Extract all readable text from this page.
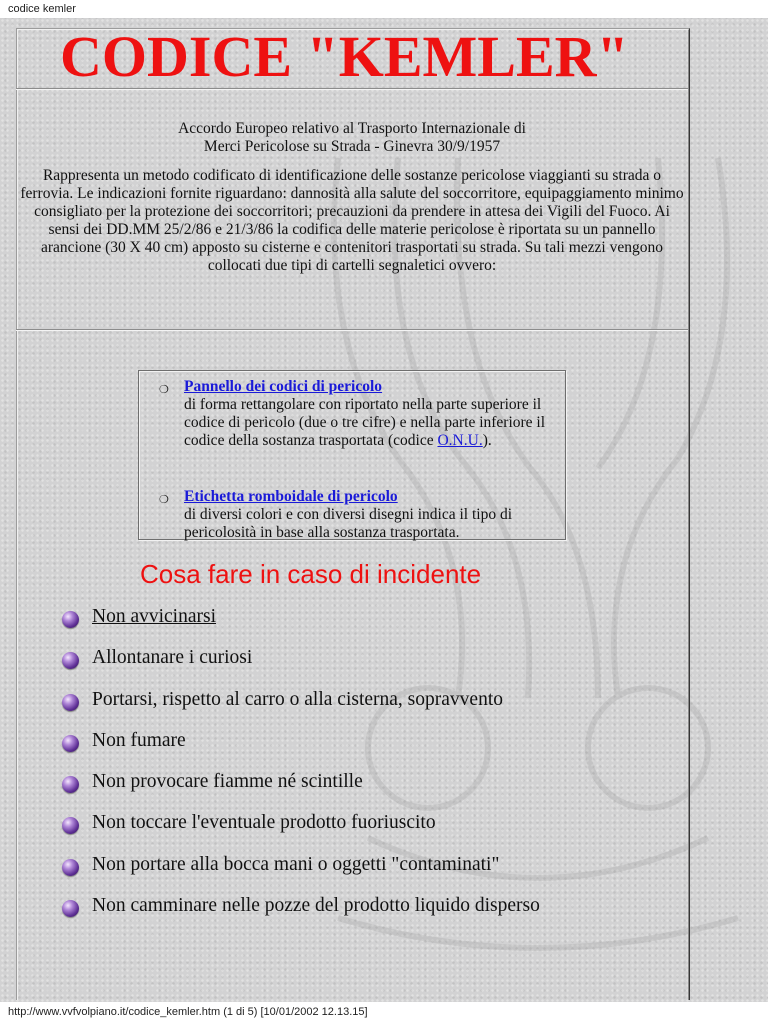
codice kemler
CODICE "KEMLER"

Accordo Europeo relativo al Trasporto Internazionale di
Merci Pericolose su Strada - Ginevra 30/9/1957

Rappresenta un metodo codificato di identificazione delle sostanze pericolose viaggianti su strada o ferrovia. Le indicazioni fornite riguardano: dannosità alla salute del soccorritore, equipaggiamento minimo consigliato per la protezione dei soccorritori; precauzioni da prendere in attesa dei Vigili del Fuoco. Ai sensi dei DD.MM 25/2/86 e 21/3/86 la codifica delle materie pericolose è riportata su un pannello arancione (30 X 40 cm) apposto su cisterne e contenitori trasportati su strada. Su tali mezzi vengono collocati due tipi di cartelli segnaletici ovvero:

❍ Pannello dei codici di pericolo
di forma rettangolare con riportato nella parte superiore il codice di pericolo (due o tre cifre) e nella parte inferiore il codice della sostanza trasportata (codice O.N.U.).
❍ Etichetta romboidale di pericolo
di diversi colori e con diversi disegni indica il tipo di pericolosità in base alla sostanza trasportata.
Cosa fare in caso di incidente
Non avvicinarsi
Allontanare i curiosi
Portarsi, rispetto al carro o alla cisterna, sopravvento
Non fumare
Non provocare fiamme né scintille
Non toccare l'eventuale prodotto fuoriuscito
Non portare alla bocca mani o oggetti "contaminati"
Non camminare nelle pozze del prodotto liquido disperso
http://www.vvfvolpiano.it/codice_kemler.htm (1 di 5) [10/01/2002 12.13.15]
